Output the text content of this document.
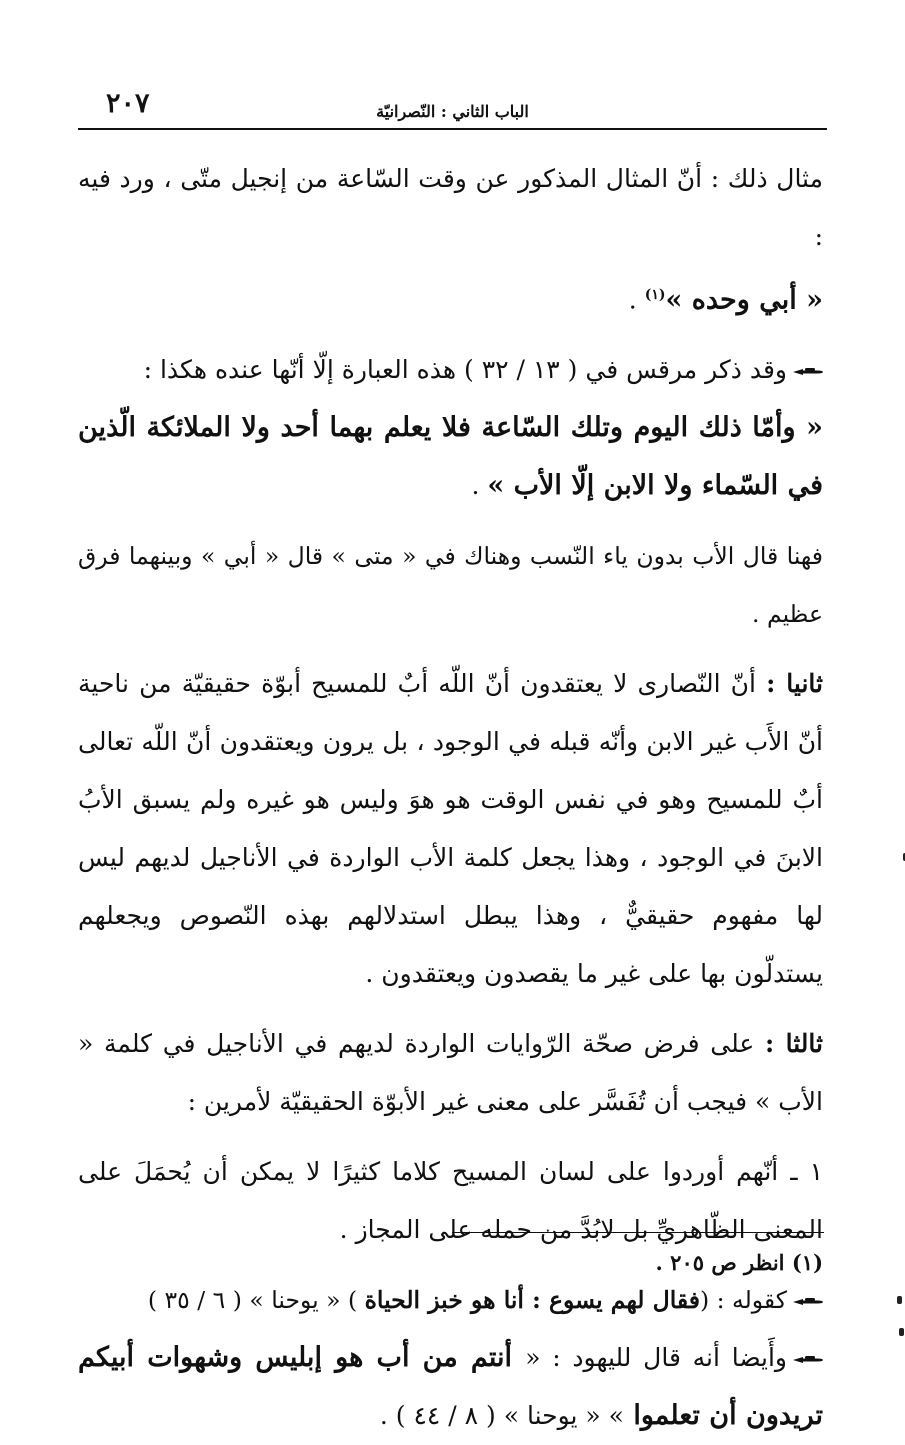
٢٠٧	الباب الثاني : النّصرانيّة

مثال ذلك : أنّ المثال المذكور عن وقت السّاعة من إنجيل متّى ، ورد فيه :
« أبي وحده »$^{(١)}$ .

وقد ذكر مرقس في ( ١٣ / ٣٢ ) هذه العبارة إلّا أنّها عنده هكذا :
« وأمّا ذلك اليوم وتلك السّاعة فلا يعلم بهما أحد ولا الملائكة الّذين في السّماء ولا الابن إلّا الأب » .

فهنا قال الأب بدون ياء النّسب وهناك في « متى » قال « أبي » وبينهما فرق عظيم .

ثانيا : أنّ النّصارى لا يعتقدون أنّ اللّه أبٌ للمسيح أبوّة حقيقيّة من ناحية أنّ الأَب غير الابن وأنّه قبله في الوجود ، بل يرون ويعتقدون أنّ اللّه تعالى أبٌ للمسيح وهو في نفس الوقت هو هوَ وليس هو غيره ولم يسبق الأبُ الابنَ في الوجود ، وهذا يجعل كلمة الأب الواردة في الأناجيل لديهم ليس لها مفهوم حقيقيٌّ ، وهذا يبطل استدلالهم بهذه النّصوص ويجعلهم يستدلّون بها على غير ما يقصدون ويعتقدون .

ثالثا : على فرض صحّة الرّوايات الواردة لديهم في الأناجيل في كلمة « الأب » فيجب أن تُفَسَّر على معنى غير الأبوّة الحقيقيّة لأمرين :

١ ـ أنّهم أوردوا على لسان المسيح كلاما كثيرًا لا يمكن أن يُحمَلَ على المعنى الظّاهريِّ بل لابُدَّ من حمله على المجاز .

كقوله : (فقال لهم يسوع : أنا هو خبز الحياة ) « يوحنا » ( ٦ / ٣٥ )

وأَيضا أنه قال لليهود : « أنتم من أب هو إبليس وشهوات أبيكم تريدون أن تعلموا » « يوحنا » ( ٨ / ٤٤ ) .

(١) انظر ص ٢٠٥ .
